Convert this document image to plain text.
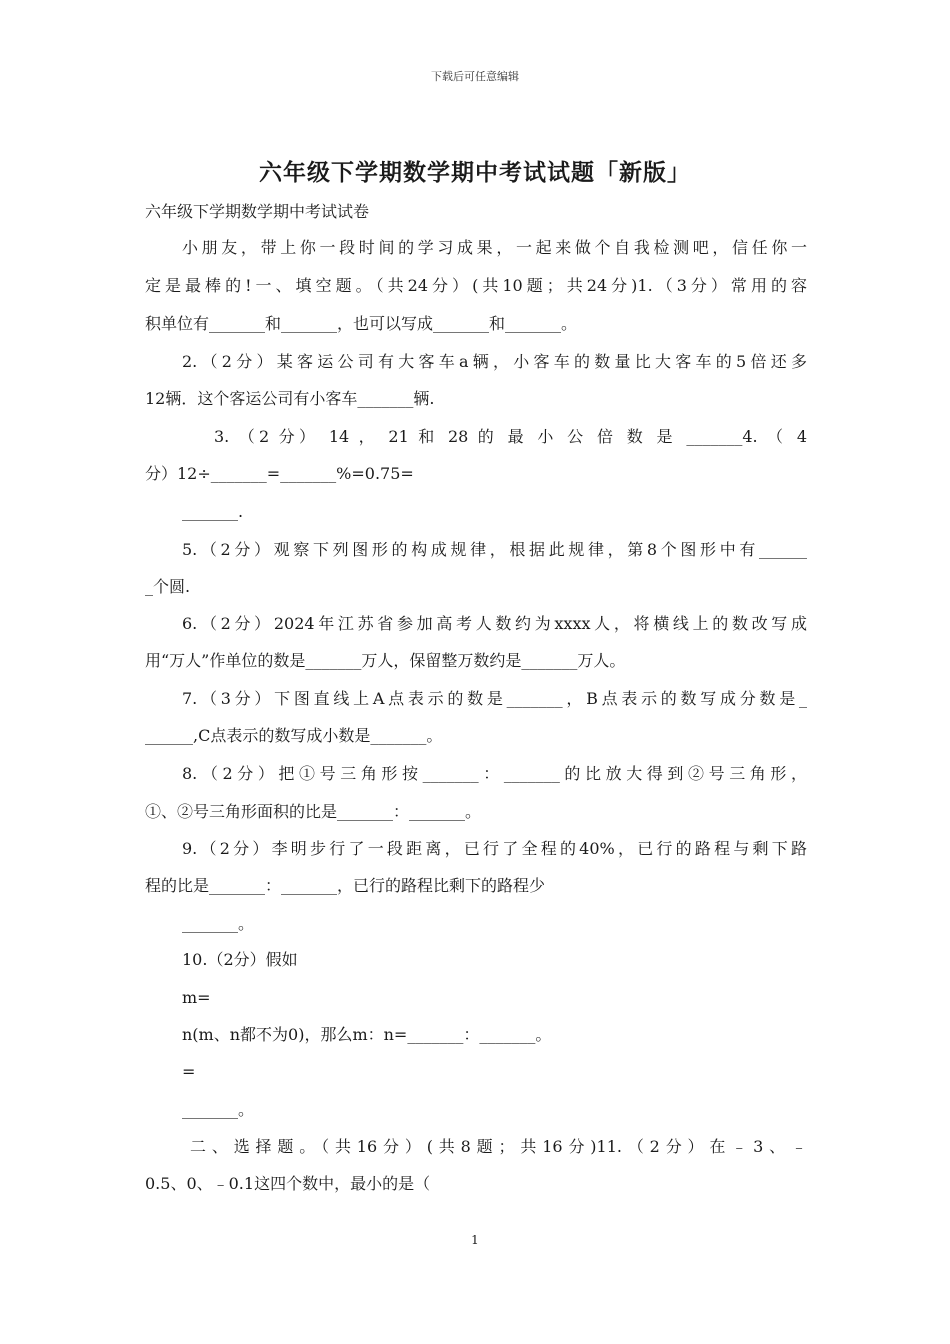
下载后可任意编辑
六年级下学期数学期中考试试题「新版」
六年级下学期数学期中考试试卷
小朋友，带上你一段时间的学习成果，一起来做个自我检测吧，信任你一
定是最棒的!一、填空题。（共24分）(共10题；共24分)1.（3分）常用的容
积单位有_______和_______，也可以写成_______和_______。
2.（2分）某客运公司有大客车a辆，小客车的数量比大客车的5倍还多
12辆．这个客运公司有小客车_______辆.
3. （2 分） 14 ， 21 和 28 的 最 小 公 倍 数 是 _______4. （ 4
分）12÷_______=_______%=0.75=
_______.
5.（2分）观察下列图形的构成规律，根据此规律，第8个图形中有______
_个圆.
6.（2分）2024年江苏省参加高考人数约为xxxx人，将横线上的数改写成
用“万人”作单位的数是_______万人，保留整万数约是_______万人。
7.（3分）下图直线上A点表示的数是_______，B点表示的数写成分数是_
______,C点表示的数写成小数是_______。
8.（2分）把①号三角形按_______：_______的比放大得到②号三角形，
①、②号三角形面积的比是_______：_______。
9.（2分）李明步行了一段距离，已行了全程的40%，已行的路程与剩下路
程的比是_______：_______，已行的路程比剩下的路程少
_______。
10.（2分）假如
m=
n(m、n都不为0)，那么m：n=_______：_______。
=
_______。
二、选择题。（共16分）(共8题；共16分)11.（2分）在﹣3、﹣
0.5、0、﹣0.1这四个数中，最小的是（
1
